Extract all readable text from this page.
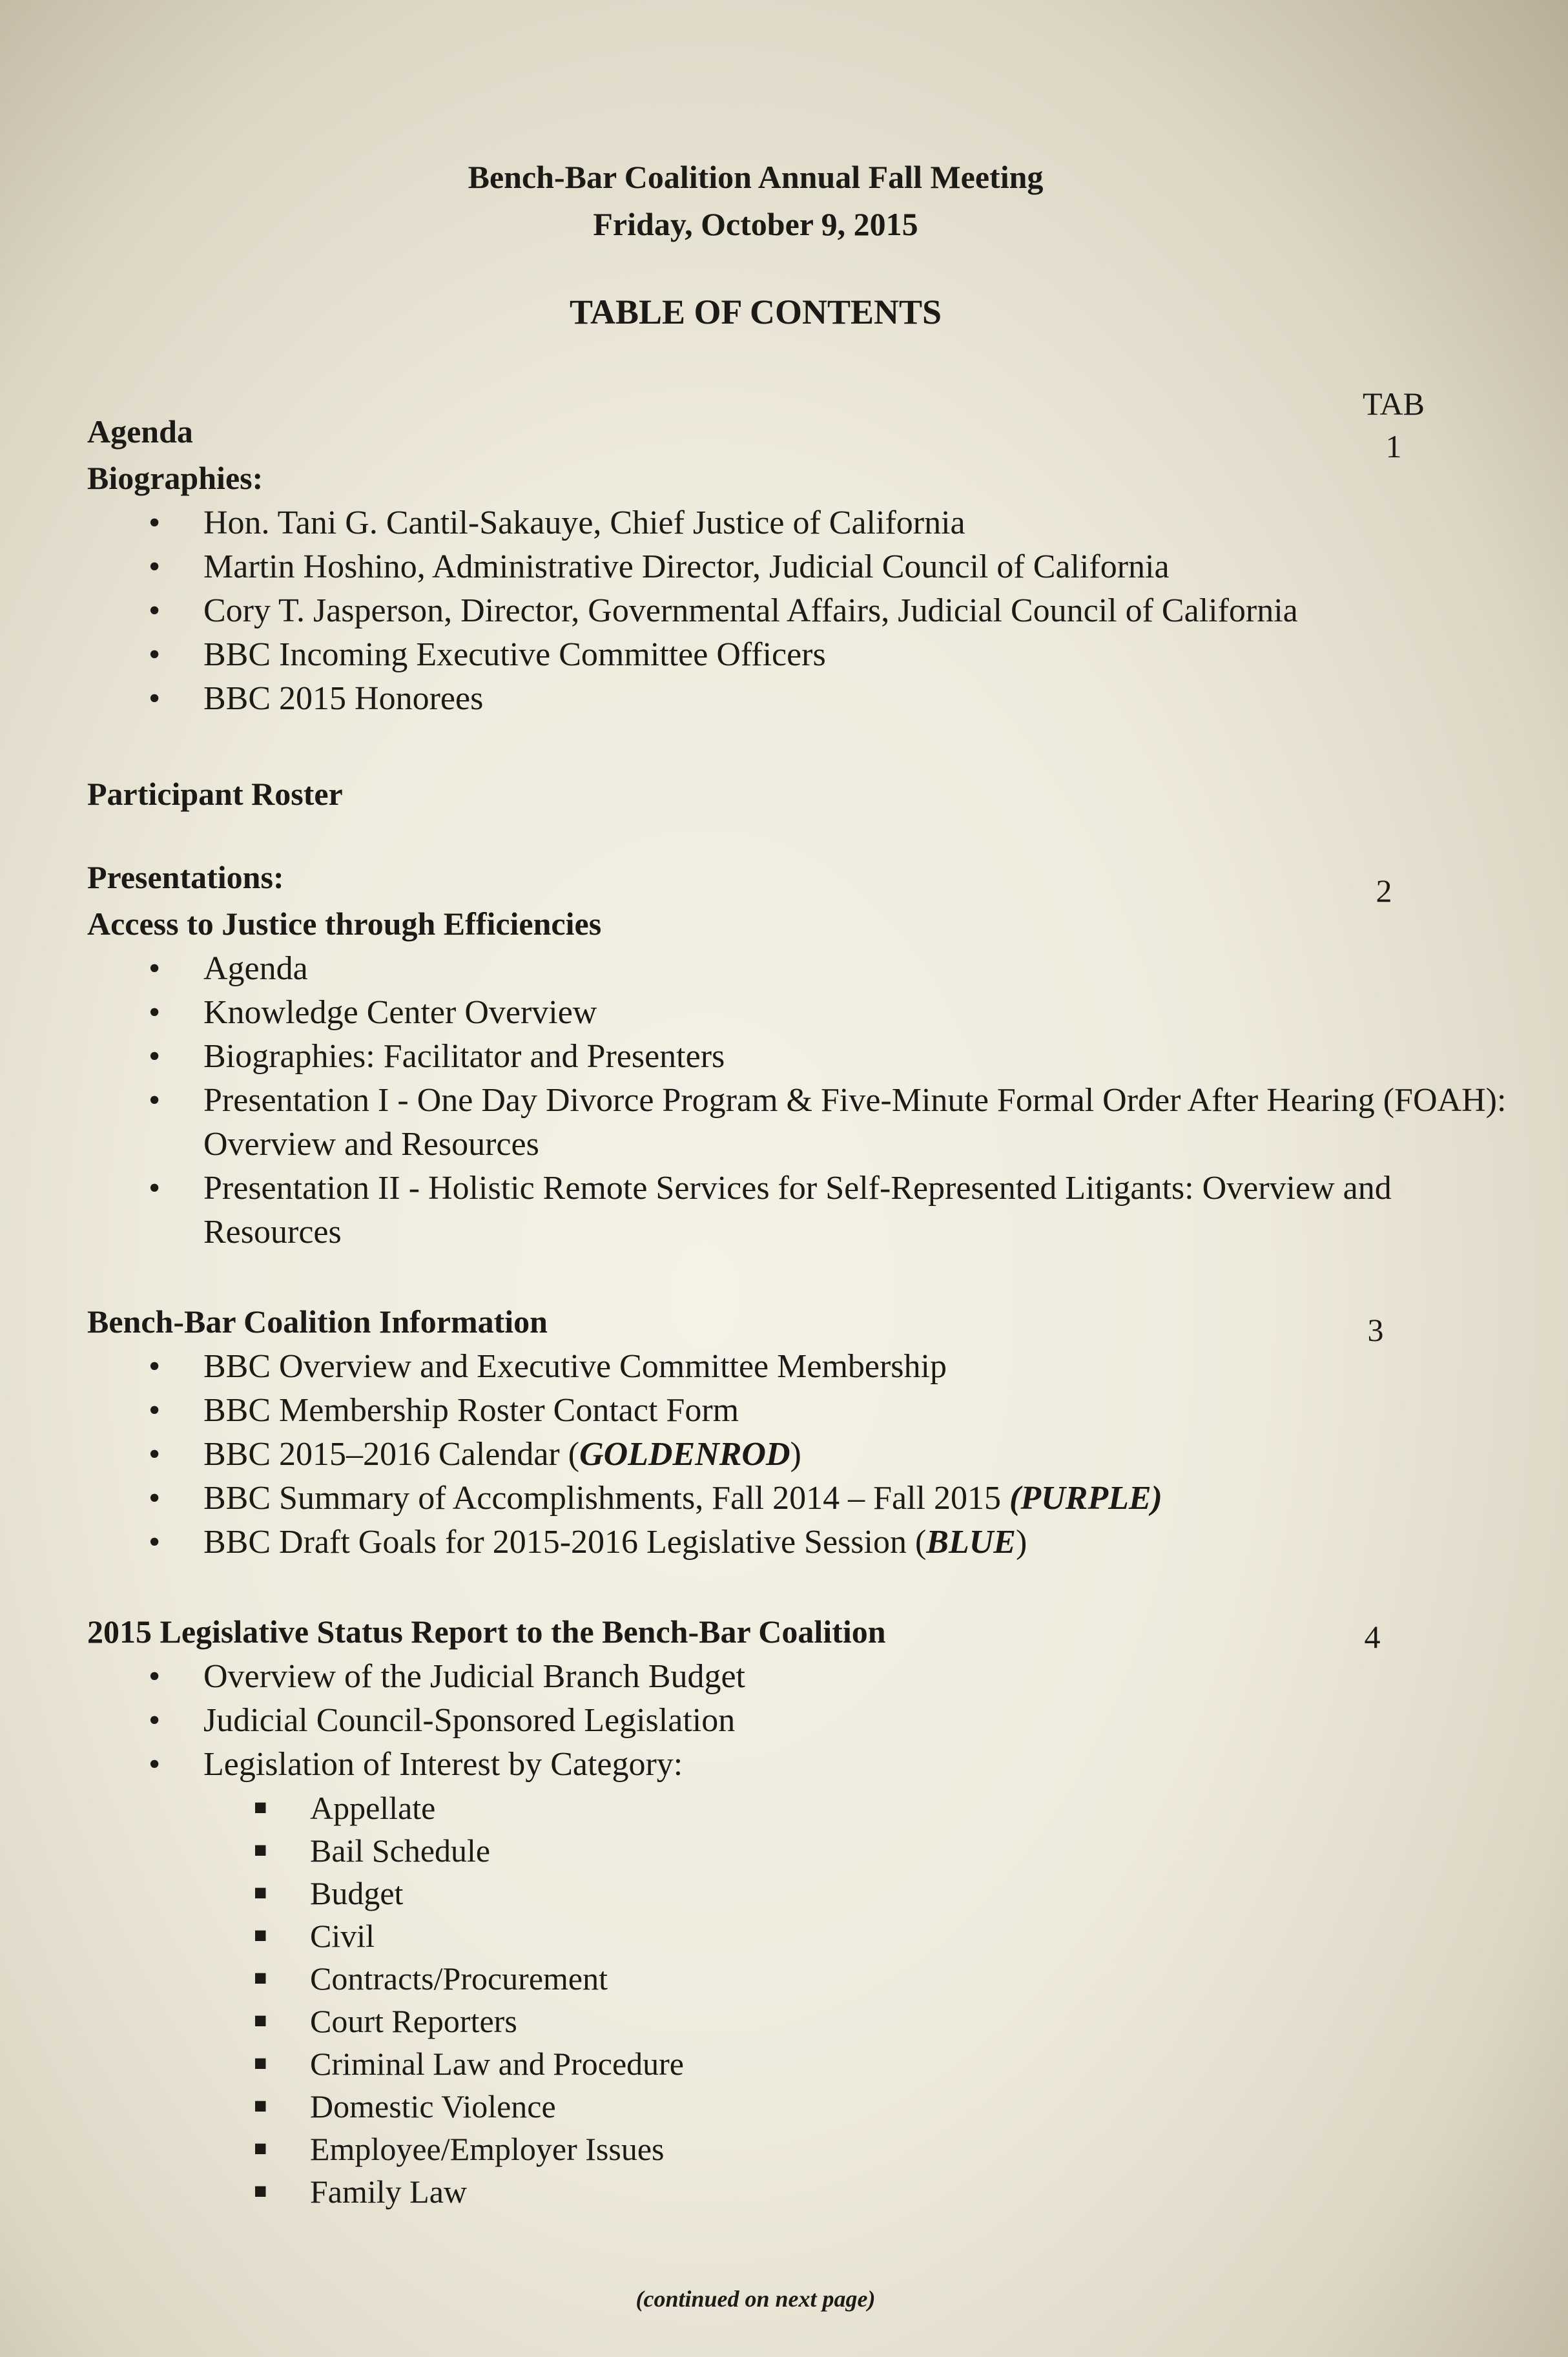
Bench-Bar Coalition Annual Fall Meeting
Friday, October 9, 2015
TABLE OF CONTENTS
TAB
1
2
3
4
Agenda
Biographies:
• Hon. Tani G. Cantil-Sakauye, Chief Justice of California
• Martin Hoshino, Administrative Director, Judicial Council of California
• Cory T. Jasperson, Director, Governmental Affairs, Judicial Council of California
• BBC Incoming Executive Committee Officers
• BBC 2015 Honorees
Participant Roster
Presentations:
Access to Justice through Efficiencies
• Agenda
• Knowledge Center Overview
• Biographies: Facilitator and Presenters
• Presentation I - One Day Divorce Program & Five-Minute Formal Order After Hearing (FOAH): Overview and Resources
• Presentation II - Holistic Remote Services for Self-Represented Litigants: Overview and Resources
Bench-Bar Coalition Information
• BBC Overview and Executive Committee Membership
• BBC Membership Roster Contact Form
• BBC 2015–2016 Calendar (GOLDENROD)
• BBC Summary of Accomplishments, Fall 2014 – Fall 2015 (PURPLE)
• BBC Draft Goals for 2015-2016 Legislative Session (BLUE)
2015 Legislative Status Report to the Bench-Bar Coalition
• Overview of the Judicial Branch Budget
• Judicial Council-Sponsored Legislation
• Legislation of Interest by Category:
■ Appellate
■ Bail Schedule
■ Budget
■ Civil
■ Contracts/Procurement
■ Court Reporters
■ Criminal Law and Procedure
■ Domestic Violence
■ Employee/Employer Issues
■ Family Law
(continued on next page)
